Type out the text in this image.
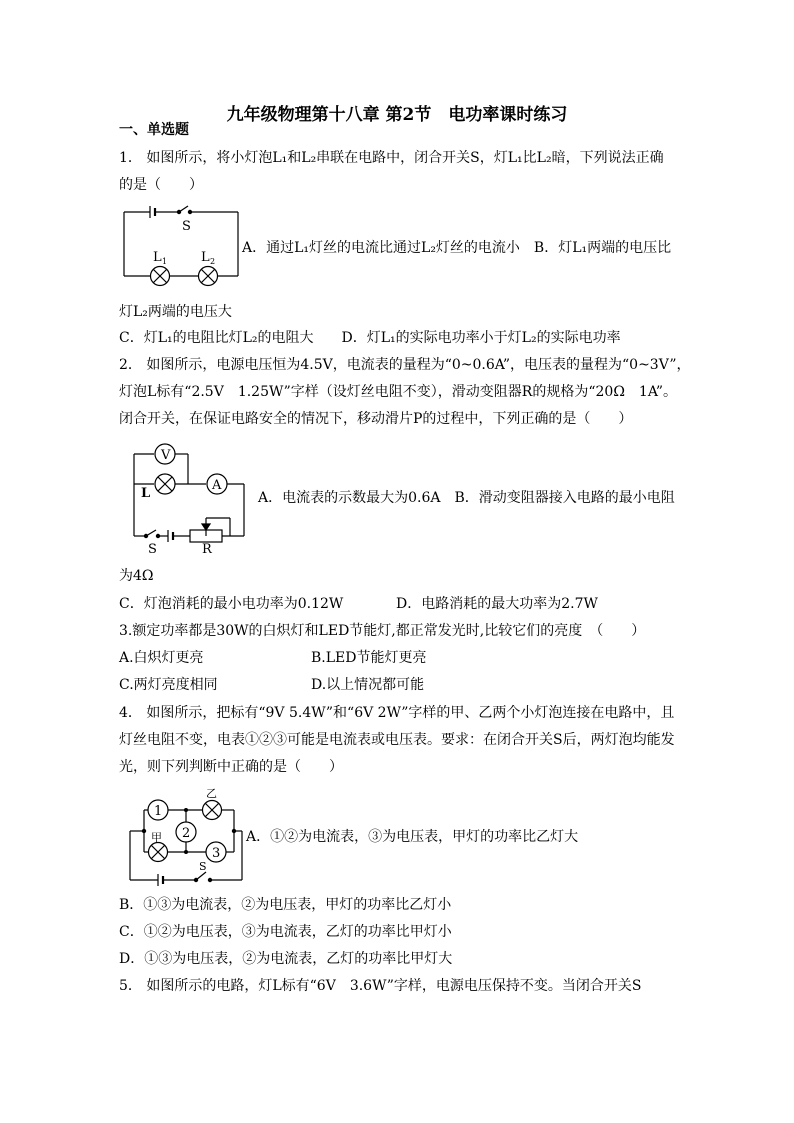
九年级物理第十八章 第2节　电功率课时练习
一、单选题
1． 如图所示，将小灯泡L₁和L₂串联在电路中，闭合开关S，灯L₁比L₂暗，下列说法正确
的是（　　）
S
L 1	L 2
A．通过L₁灯丝的电流比通过L₂灯丝的电流小　B．灯L₁两端的电压比
灯L₂两端的电压大
C．灯L₁的电阻比灯L₂的电阻大　　D．灯L₁的实际电功率小于灯L₂的实际电功率
2． 如图所示，电源电压恒为4.5V，电流表的量程为“0~0.6A”，电压表的量程为“0~3V”，
灯泡L标有“2.5V　1.25W”字样（设灯丝电阻不变），滑动变阻器R的规格为“20Ω　1A”。
闭合开关，在保证电路安全的情况下，移动滑片P的过程中，下列正确的是（　　）
V
A
L
S	R
A．电流表的示数最大为0.6A　B．滑动变阻器接入电路的最小电阻
为4Ω
C．灯泡消耗的最小电功率为0.12W	D．电路消耗的最大功率为2.7W
3.额定功率都是30W的白炽灯和LED节能灯,都正常发光时,比较它们的亮度　（　　）
A.白炽灯更亮	B.LED节能灯更亮
C.两灯亮度相同	D.以上情况都可能
4． 如图所示，把标有“9V 5.4W”和“6V 2W”字样的甲、乙两个小灯泡连接在电路中，且
灯丝电阻不变，电表①②③可能是电流表或电压表。要求：在闭合开关S后，两灯泡均能发
光，则下列判断中正确的是（　　）
1
2
3
甲
乙
S
A．①②为电流表，③为电压表，甲灯的功率比乙灯大
B．①③为电流表，②为电压表，甲灯的功率比乙灯小
C．①②为电压表，③为电流表，乙灯的功率比甲灯小
D．①③为电压表，②为电流表，乙灯的功率比甲灯大
5． 如图所示的电路，灯L标有“6V　3.6W”字样，电源电压保持不变。当闭合开关S
